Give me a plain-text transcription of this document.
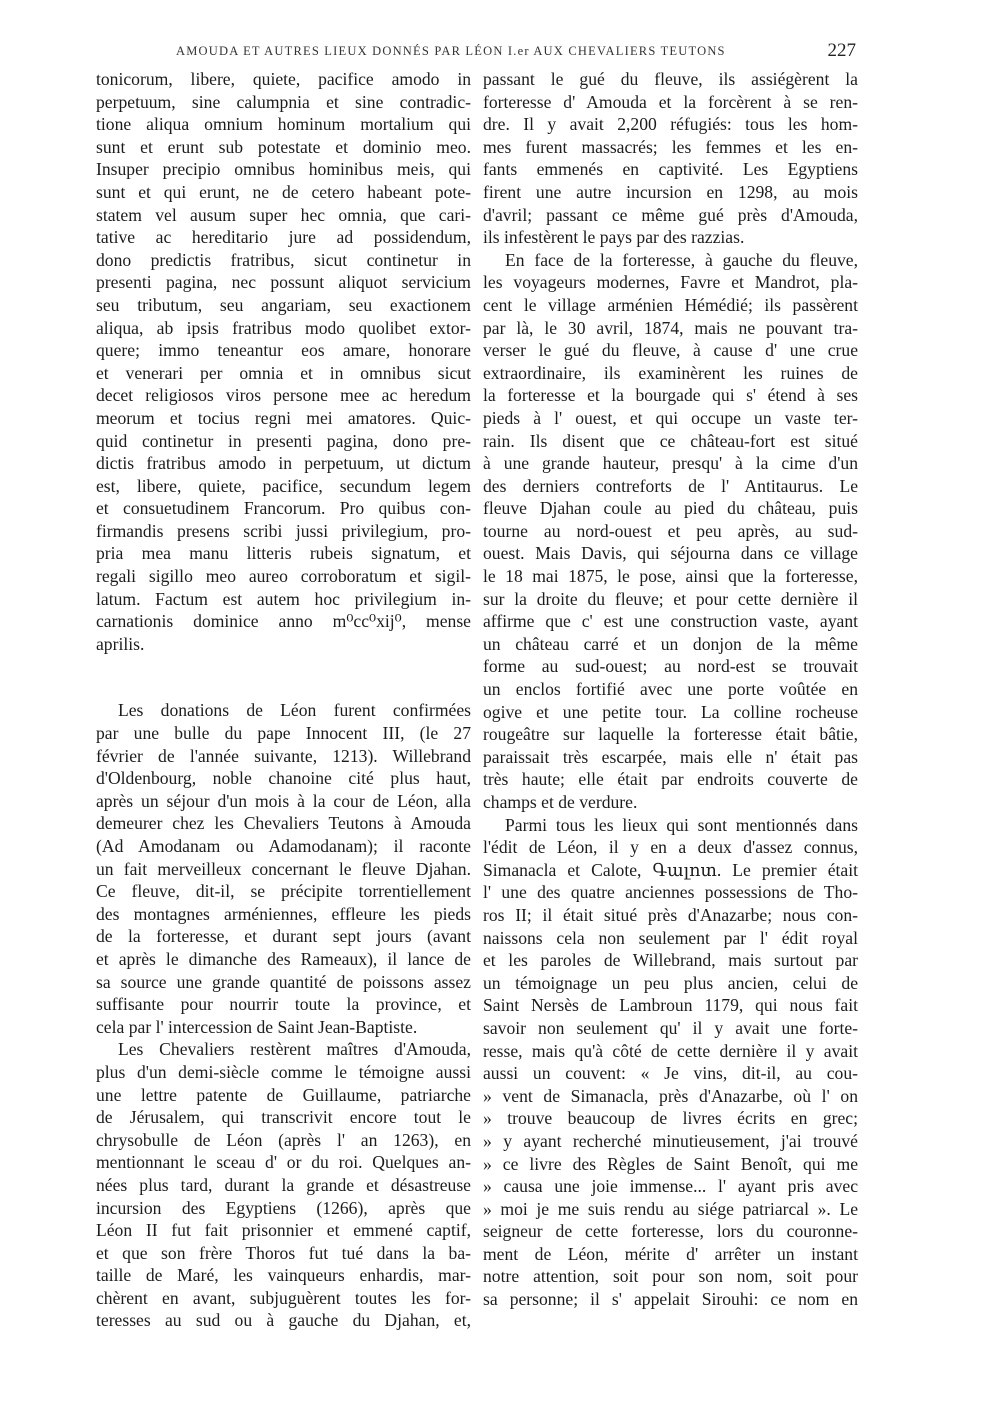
AMOUDA ET AUTRES LIEUX DONNÉS PAR LÉON I.er AUX CHEVALIERS TEUTONS	227
tonicorum, libere, quiete, pacifice amodo in
perpetuum, sine calumpnia et sine contradic-
tione aliqua omnium hominum mortalium qui
sunt et erunt sub potestate et dominio meo.
Insuper precipio omnibus hominibus meis, qui
sunt et qui erunt, ne de cetero habeant pote-
statem vel ausum super hec omnia, que cari-
tative ac hereditario jure ad possidendum,
dono predictis fratribus, sicut continetur in
presenti pagina, nec possunt aliquot servicium
seu tributum, seu angariam, seu exactionem
aliqua, ab ipsis fratribus modo quolibet extor-
quere; immo teneantur eos amare, honorare
et venerari per omnia et in omnibus sicut
decet religiosos viros persone mee ac heredum
meorum et tocius regni mei amatores. Quic-
quid continetur in presenti pagina, dono pre-
dictis fratribus amodo in perpetuum, ut dictum
est, libere, quiete, pacifice, secundum legem
et consuetudinem Francorum. Pro quibus con-
firmandis presens scribi jussi privilegium, pro-
pria mea manu litteris rubeis signatum, et
regali sigillo meo aureo corroboratum et sigil-
latum. Factum est autem hoc privilegium in-
carnationis dominice anno m⁰cc⁰xij⁰, mense
aprilis.
Les donations de Léon furent confirmées
par une bulle du pape Innocent III, (le 27
février de l'année suivante, 1213). Willebrand
d'Oldenbourg, noble chanoine cité plus haut,
après un séjour d'un mois à la cour de Léon, alla
demeurer chez les Chevaliers Teutons à Amouda
(Ad Amodanam ou Adamodanam); il raconte
un fait merveilleux concernant le fleuve Djahan.
Ce fleuve, dit-il, se précipite torrentiellement
des montagnes arméniennes, effleure les pieds
de la forteresse, et durant sept jours (avant
et après le dimanche des Rameaux), il lance de
sa source une grande quantité de poissons assez
suffisante pour nourrir toute la province, et
cela par l' intercession de Saint Jean-Baptiste.
Les Chevaliers restèrent maîtres d'Amouda,
plus d'un demi-siècle comme le témoigne aussi
une lettre patente de Guillaume, patriarche
de Jérusalem, qui transcrivit encore tout le
chrysobulle de Léon (après l' an 1263), en
mentionnant le sceau d' or du roi. Quelques an-
nées plus tard, durant la grande et désastreuse
incursion des Egyptiens (1266), après que
Léon II fut fait prisonnier et emmené captif,
et que son frère Thoros fut tué dans la ba-
taille de Maré, les vainqueurs enhardis, mar-
chèrent en avant, subjuguèrent toutes les for-
teresses au sud ou à gauche du Djahan, et,
passant le gué du fleuve, ils assiégèrent la
forteresse d' Amouda et la forcèrent à se ren-
dre. Il y avait 2,200 réfugiés: tous les hom-
mes furent massacrés; les femmes et les en-
fants emmenés en captivité. Les Egyptiens
firent une autre incursion en 1298, au mois
d'avril; passant ce même gué près d'Amouda,
ils infestèrent le pays par des razzias.
En face de la forteresse, à gauche du fleuve,
les voyageurs modernes, Favre et Mandrot, pla-
cent le village arménien Hémédié; ils passèrent
par là, le 30 avril, 1874, mais ne pouvant tra-
verser le gué du fleuve, à cause d' une crue
extraordinaire, ils examinèrent les ruines de
la forteresse et la bourgade qui s' étend à ses
pieds à l' ouest, et qui occupe un vaste ter-
rain. Ils disent que ce château-fort est situé
à une grande hauteur, presqu' à la cime d'un
des derniers contreforts de l' Antitaurus. Le
fleuve Djahan coule au pied du château, puis
tourne au nord-ouest et peu après, au sud-
ouest. Mais Davis, qui séjourna dans ce village
le 18 mai 1875, le pose, ainsi que la forteresse,
sur la droite du fleuve; et pour cette dernière il
affirme que c' est une construction vaste, ayant
un château carré et un donjon de la même
forme au sud-ouest; au nord-est se trouvait
un enclos fortifié avec une porte voûtée en
ogive et une petite tour. La colline rocheuse
rougeâtre sur laquelle la forteresse était bâtie,
paraissait très escarpée, mais elle n' était pas
très haute; elle était par endroits couverte de
champs et de verdure.
Parmi tous les lieux qui sont mentionnés dans
l'édit de Léon, il y en a deux d'assez connus,
Simanacla et Calote, Գալոտ. Le premier était
l' une des quatre anciennes possessions de Tho-
ros II; il était situé près d'Anazarbe; nous con-
naissons cela non seulement par l' édit royal
et les paroles de Willebrand, mais surtout par
un témoignage un peu plus ancien, celui de
Saint Nersès de Lambroun 1179, qui nous fait
savoir non seulement qu' il y avait une forte-
resse, mais qu'à côté de cette dernière il y avait
aussi un couvent: « Je vins, dit-il, au cou-
» vent de Simanacla, près d'Anazarbe, où l' on
» trouve beaucoup de livres écrits en grec;
» y ayant recherché minutieusement, j'ai trouvé
» ce livre des Règles de Saint Benoît, qui me
» causa une joie immense... l' ayant pris avec
» moi je me suis rendu au siége patriarcal ». Le
seigneur de cette forteresse, lors du couronne-
ment de Léon, mérite d' arrêter un instant
notre attention, soit pour son nom, soit pour
sa personne; il s' appelait Sirouhi: ce nom en
